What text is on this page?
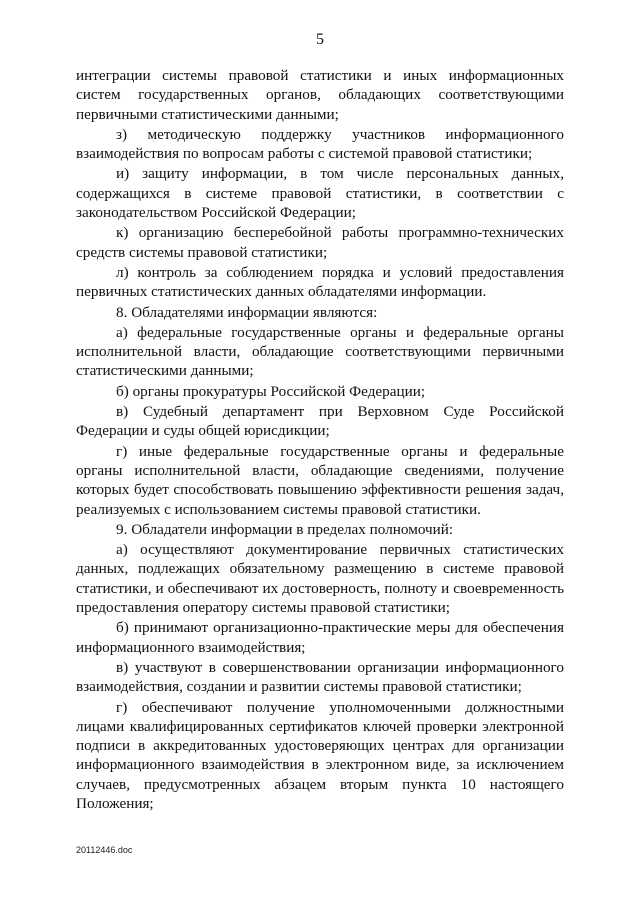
5

интеграции системы правовой статистики и иных информационных систем государственных органов, обладающих соответствующими первичными статистическими данными;

з) методическую поддержку участников информационного взаимодействия по вопросам работы с системой правовой статистики;

и) защиту информации, в том числе персональных данных, содержащихся в системе правовой статистики, в соответствии с законодательством Российской Федерации;

к) организацию бесперебойной работы программно-технических средств системы правовой статистики;

л) контроль за соблюдением порядка и условий предоставления первичных статистических данных обладателями информации.

8. Обладателями информации являются:

а) федеральные государственные органы и федеральные органы исполнительной власти, обладающие соответствующими первичными статистическими данными;

б) органы прокуратуры Российской Федерации;

в) Судебный департамент при Верховном Суде Российской Федерации и суды общей юрисдикции;

г) иные федеральные государственные органы и федеральные органы исполнительной власти, обладающие сведениями, получение которых будет способствовать повышению эффективности решения задач, реализуемых с использованием системы правовой статистики.

9. Обладатели информации в пределах полномочий:

а) осуществляют документирование первичных статистических данных, подлежащих обязательному размещению в системе правовой статистики, и обеспечивают их достоверность, полноту и своевременность предоставления оператору системы правовой статистики;

б) принимают организационно-практические меры для обеспечения информационного взаимодействия;

в) участвуют в совершенствовании организации информационного взаимодействия, создании и развитии системы правовой статистики;

г) обеспечивают получение уполномоченными должностными лицами квалифицированных сертификатов ключей проверки электронной подписи в аккредитованных удостоверяющих центрах для организации информационного взаимодействия в электронном виде, за исключением случаев, предусмотренных абзацем вторым пункта 10 настоящего Положения;

20112446.doc
